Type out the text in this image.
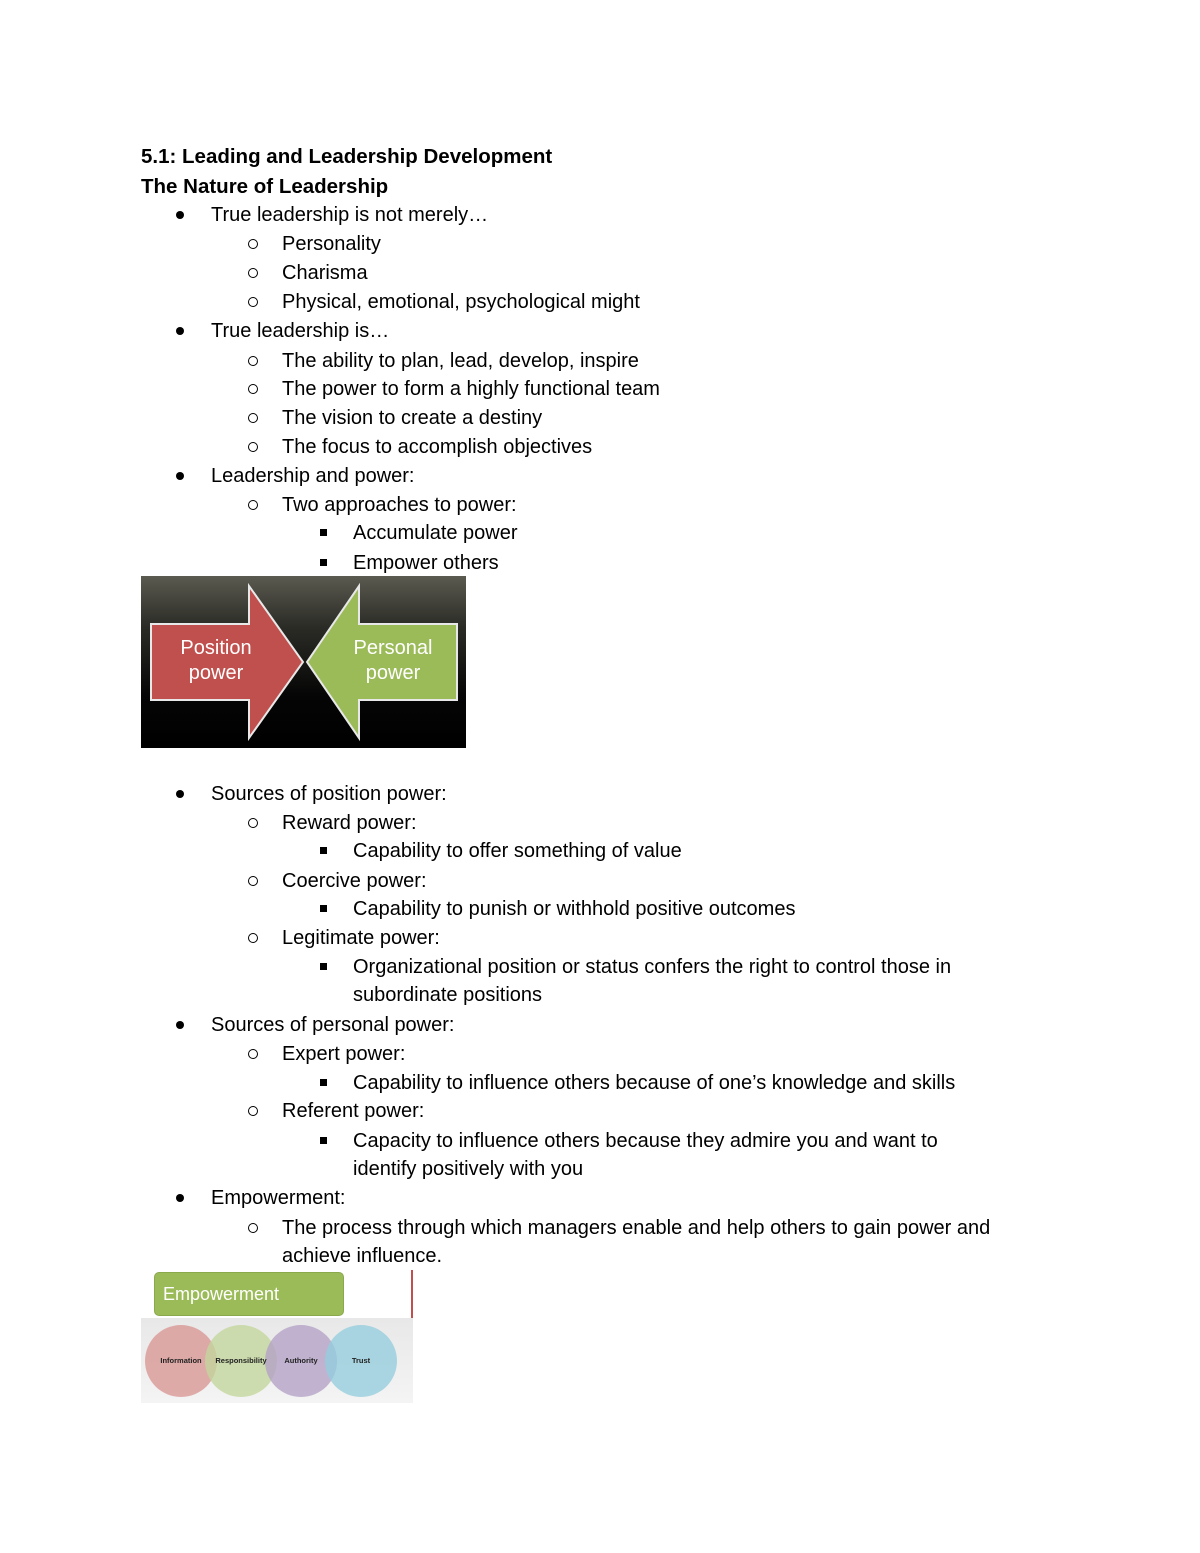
5.1: Leading and Leadership Development
The Nature of Leadership
True leadership is not merely…
Personality
Charisma
Physical, emotional, psychological might
True leadership is…
The ability to plan, lead, develop, inspire
The power to form a highly functional team
The vision to create a destiny
The focus to accomplish objectives
Leadership and power:
Two approaches to power:
Accumulate power
Empower others
Position
power
Personal
power
Sources of position power:
Reward power:
Capability to offer something of value
Coercive power:
Capability to punish or withhold positive outcomes
Legitimate power:
Organizational position or status confers the right to control those in
subordinate positions
Sources of personal power:
Expert power:
Capability to influence others because of one’s knowledge and skills
Referent power:
Capacity to influence others because they admire you and want to
identify positively with you
Empowerment:
The process through which managers enable and help others to gain power and
achieve influence.
Empowerment
Information	Responsibility	Authority	Trust
